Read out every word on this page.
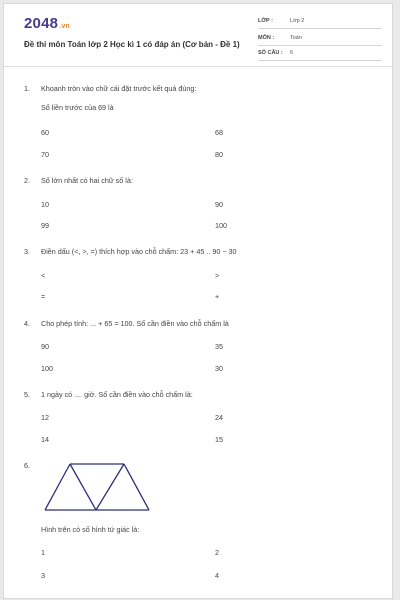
2048.vn
Đề thi môn Toán lớp 2 Học kì 1 có đáp án (Cơ bản - Đề 1)
LỚP :	Lớp 2
MÔN :	Toán
SỐ CÂU : 6
1. Khoanh tròn vào chữ cái đặt trước kết quả đúng:
Số liền trước của 69 là
60	68
70	80
2. Số lớn nhất có hai chữ số là:
10	90
99	100
3. Điền dấu (<, >, =) thích hợp vào chỗ chấm: 23 + 45 .. 90 − 30
<	>
=	+
4. Cho phép tính: ... + 65 = 100. Số cần điền vào chỗ chấm là
90	35
100	30
5. 1 ngày có .... giờ. Số cần điền vào chỗ chấm là:
12	24
14	15
6.
Hình trên có số hình tứ giác là:
1	2
3	4
